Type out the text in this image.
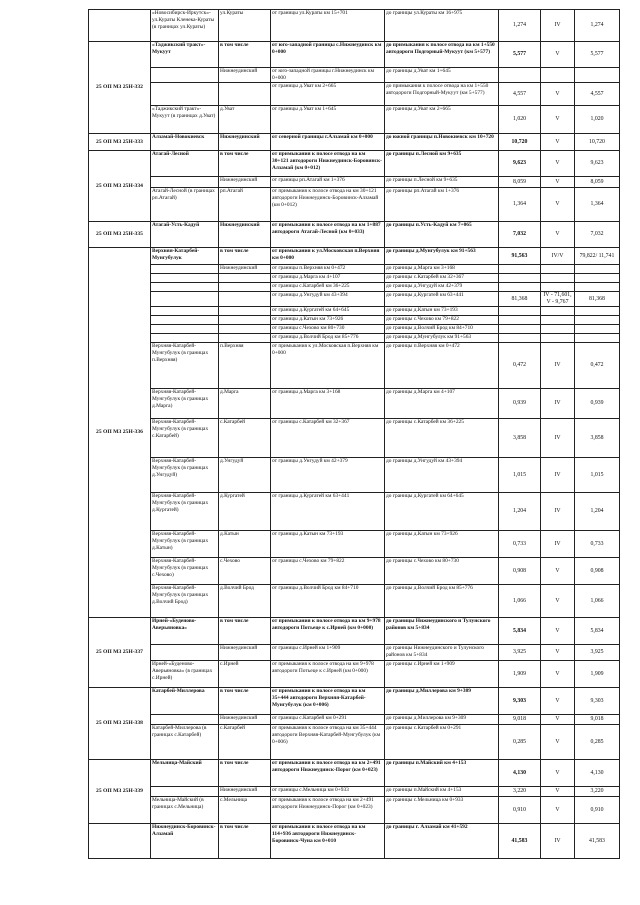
	«Новосибирск-Иркутск»-ул.Кураты Кленека-Кураты (в границах ул.Кураты)	ул.Кураты	от границы ул.Кураты км 15+701	до границы ул.Кураты км 16+975	1,274	IV	1,274
25 ОП МЗ 25Н-332	«Таджикский тракт»-Мукуут	в том числе	от юго-западной границы с.Нижнеудинск км 0+000	до примыкания к полосе отвода на км 1+550 автодороги Подгорный-Мукуут (км 5+577)	5,577	V	5,577
		Нижнеудинский	от юго-западной границы г.Нижнеудинск км 0+000	до границы д.Уват км 1+645			
			от границы д.Уват км 2+665	до примыкания к полосе отвода на км 1+550 автодороги Подгорный-Мукуут (км 5+577)	4,557	V	4,557
	«Таджикский тракт»-Мукуут (в границах д.Уват)	д.Уват	от границы д.Уват км 1+645	до границы д.Уват км 2+665	1,020	V	1,020
25 ОП МЗ 25Н-333	Алзамай-Новокиевск	Нижнеудинский	от северной границы г.Алзамай км 0+000	до южной границы п.Новокиевск км 10+720	10,720	V	10,720
25 ОП МЗ 25Н-334	Атагай-Лесной	в том числе	от примыкания к полосе отвода на км 30+121 автодороги Нижнеудинск-Боровинск-Алзамай (км 0+012)	до границы п.Лесной км 9+635	9,623	V	9,623
		Нижнеудинский	от границы рп.Атагай км 1+376	до границы п.Лесной км 9+635	8,059	V	8,059
	Атагай-Лесной (в границах рп.Атагай)	рп.Атагай	от примыкания к полосе отвода на км 30+121 автодороги Нижнеудинск-Боровинск-Алзамай (км 0+012)	до границы рп.Атагай км 1+376	1,364	V	1,364
25 ОП МЗ 25Н-335	Атагай-Усть-Кадуй	Нижнеудинский	от примыкания к полосе отвода на км 1+887 автодороги Атагай-Лесной (км 0+033)	до границы п.Усть-Кадуй км 7+065	7,032	V	7,032
25 ОП МЗ 25Н-336	Верхняя-Катарбей-Мунгубулук	в том числе	от примыкания к ул.Московская п.Верхняя км 0+000	до границы д.Мунгубулук км 91+563	91,563	IV/V	79,822/ 11,741
		Нижнеудинский	от границы п.Верхняя км 0+472	до границы д.Марга км 3+168			
			от границы д.Марга км 4+107	до границы с.Катарбей км 32+367			
			от границы с.Катарбей км 36+225	до границы д.Унгудуй км 42+379			
			от границы д.Унгудуй км 43+394	до границы д.Кургатей км 63+441	81,368	IV - 71,601, V - 9,767	81,368
			от границы д.Кургатей км 64+645	до границы д.Катын км 73+193			
			от границы д.Катын км 73+926	до границы с.Чехово км 79+822			
			от границы с.Чехово км 80+730	до границы д.Волчий Брод км 84+710			
			от границы д.Волчий Брод км 85+776	до границы д.Мунгубулук км 91+563			
	Верхняя-Катарбей-Мунгубулук (в границах п.Верхняя)	п.Верхняя	от примыкания к ул.Московская п.Верхняя км 0+000	до границы п.Верхняя км 0+472	0,472	IV	0,472
	Верхняя-Катарбей-Мунгубулук (в границах д.Марга)	д.Марга	от границы д.Марга км 3+168	до границы д.Марга км 4+107	0,939	IV	0,939
	Верхняя-Катарбей-Мунгубулук (в границах с.Катарбей)	с.Катарбей	от границы с.Катарбей км 32+367	до границы с.Катарбей км 36+225	3,858	IV	3,858
	Верхняя-Катарбей-Мунгубулук (в границах д.Унгудуй)	д.Унгудуй	от границы д.Унгудуй км 42+379	до границы д.Унгудуй км 43+394	1,015	IV	1,015
	Верхняя-Катарбей-Мунгубулук (в границах д.Кургатей)	д.Кургатей	от границы д.Кургатей км 63+441	до границы д.Кургатей км 64+645	1,204	IV	1,204
	Верхняя-Катарбей-Мунгубулук (в границах д.Катын)	д.Катын	от границы д.Катын км 73+193	до границы д.Катын км 73+926	0,733	IV	0,733
	Верхняя-Катарбей-Мунгубулук (в границах с.Чехово)	с.Чехово	от границы с.Чехово км 79+822	до границы с.Чехово км 80+730	0,908	V	0,908
	Верхняя-Катарбей-Мунгубулук (в границах д.Волчий Брод)	д.Волчий Брод	от границы д.Волчий Брод км 84+710	до границы д.Волчий Брод км 85+776	1,066	V	1,066
25 ОП МЗ 25Н-337	Ирней-«Буденово-Аверьяновка»	в том числе	от примыкания к полосе отвода на км 9+978 автодороги Потьеце к с.Ирней (км 0+000)	до границы Нижнеудинского и Тулунского районов км 5+834	5,834	V	5,834
		Нижнеудинский	от границы с.Ирней км 1+909	до границы Нижнеудинского и Тулунского районов км 5+834	3,925	V	3,925
	Ирней-«Буденово-Аверьяновка» (в границах с.Ирней)	с.Ирней	от примыкания к полосе отвода на км 9+978 автодороги Потьеце к с.Ирней (км 0+000)	до границы с.Ирней км 1+909	1,909	V	1,909
25 ОП МЗ 25Н-338	Катарбей-Миллерова	в том числе	от примыкания к полосе отвода на км 35+444 автодороги Верхняя-Катарбей-Мунгубулук (км 0+006)	до границы д.Миллерова км 9+309	9,303	V	9,303
		Нижнеудинский	от границы с.Катарбей км 0+291	до границы д.Миллерова км 9+309	9,018	V	9,018
	Катарбей-Миллерова (в границах с.Катарбей)	с.Катарбей	от примыкания к полосе отвода на км 35+444 автодороги Верхняя-Катарбей-Мунгубулук (км 0+006)	до границы с.Катарбей км 0+291	0,285	V	0,285
25 ОП МЗ 25Н-339	Мельница-Майский	в том числе	от примыкания к полосе отвода на км 2+491 автодороги Нижнеудинск-Порог (км 0+023)	до границы п.Майский км 4+153	4,130	V	4,130
		Нижнеудинский	от границы с.Мельница км 0+933	до границы п.Майский км 4+153	3,220	V	3,220
	Мельница-Майский (в границах с.Мельница)	с.Мельница	от примыкания к полосе отвода на км 2+491 автодороги Нижнеудинск-Порог (км 0+023)	до границы с.Мельница км 0+933	0,910	V	0,910
	Нижнеудинск-Боровинск-Алзамай	в том числе	от примыкания к полосе отвода на км 114+936 автодороги Нижнеудинск-Боровинск-Чуна км 0+010	до границы г. Алзамай км 41+592	41,583	IV	41,583
